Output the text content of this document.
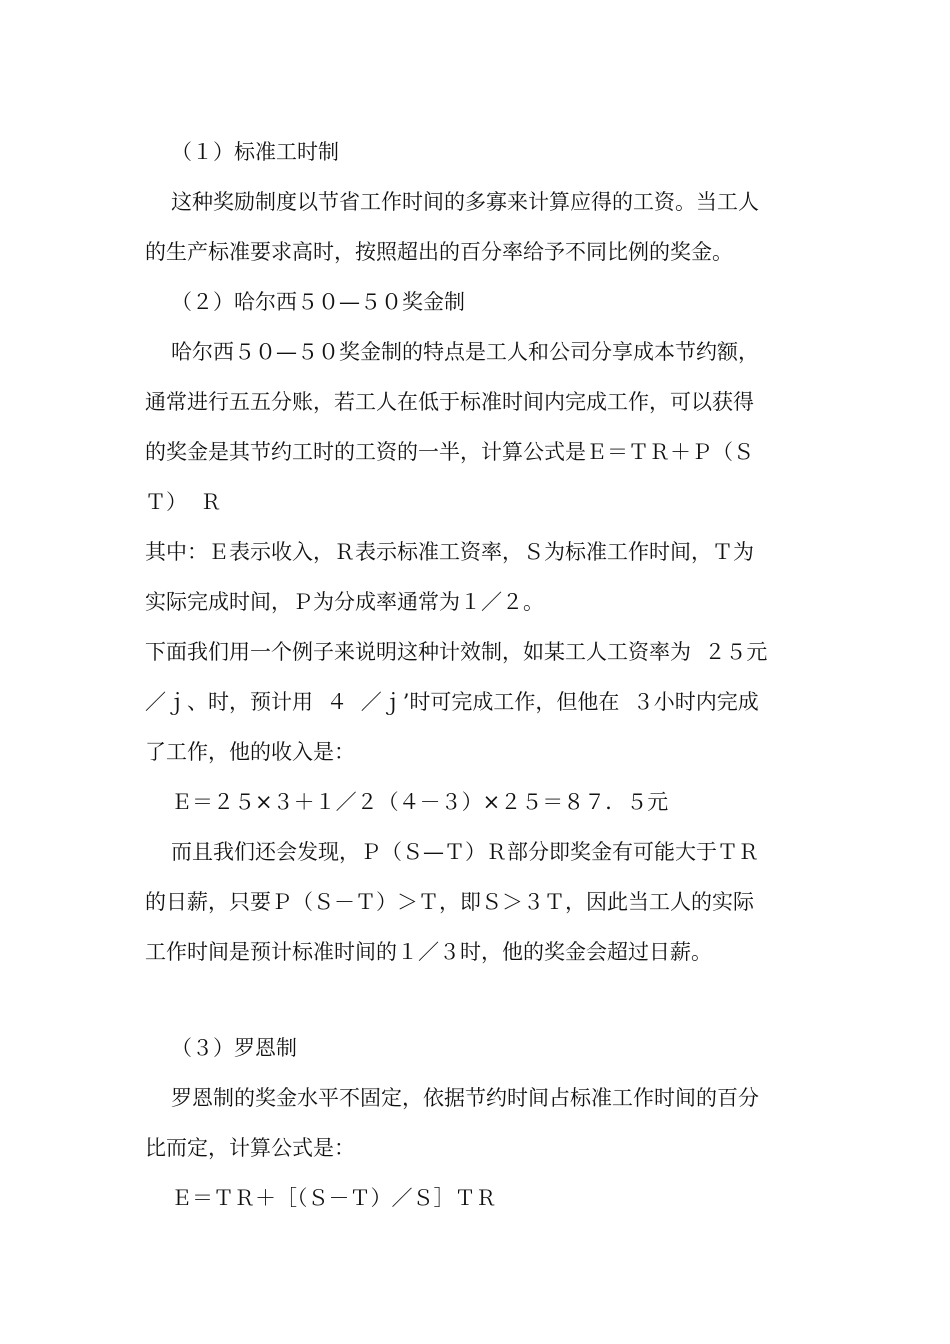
（１）标准工时制

这种奖励制度以节省工作时间的多寡来计算应得的工资。当工人

的生产标准要求高时，按照超出的百分率给予不同比例的奖金。

（２）哈尔西５０—５０奖金制

哈尔西５０—５０奖金制的特点是工人和公司分享成本节约额，

通常进行五五分账，若工人在低于标准时间内完成工作，可以获得

的奖金是其节约工时的工资的一半，计算公式是Ｅ＝ＴＲ＋Ｐ（Ｓ

Ｔ）  Ｒ

其中：Ｅ表示收入，Ｒ表示标准工资率，Ｓ为标准工作时间，Ｔ为

实际完成时间，Ｐ为分成率通常为１／２。

下面我们用一个例子来说明这种计效制，如某工人工资率为  ２５元

／ｊ、时，预计用  ４  ／ｊ’时可完成工作，但他在  ３小时内完成

了工作，他的收入是：

Ｅ＝２５×３＋１／２（４－３）×２５＝８７．５元

而且我们还会发现，Ｐ（Ｓ—Ｔ）Ｒ部分即奖金有可能大于ＴＲ

的日薪，只要Ｐ（Ｓ－Ｔ）＞Ｔ，即Ｓ＞３Ｔ，因此当工人的实际

工作时间是预计标准时间的１／３时，他的奖金会超过日薪。

（３）罗恩制

罗恩制的奖金水平不固定，依据节约时间占标准工作时间的百分

比而定，计算公式是：

Ｅ＝ＴＲ＋［（Ｓ－Ｔ）／Ｓ］ＴＲ
